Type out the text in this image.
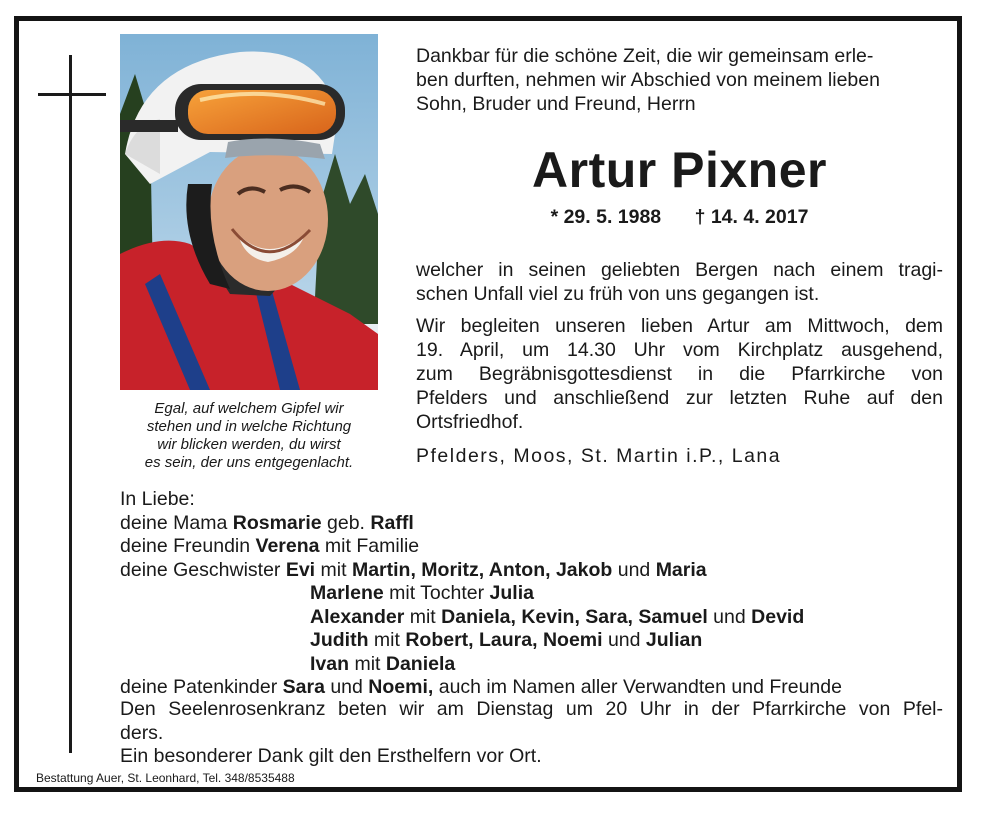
Egal, auf welchem Gipfel wir
stehen und in welche Richtung
wir blicken werden, du wirst
es sein, der uns entgegenlacht.
Dankbar für die schöne Zeit, die wir gemeinsam erle-
ben durften, nehmen wir Abschied von meinem lieben
Sohn, Bruder und Freund, Herrn
Artur Pixner
* 29. 5. 1988 † 14. 4. 2017
welcher in seinen geliebten Bergen nach einem tragi-
schen Unfall viel zu früh von uns gegangen ist.
Wir begleiten unseren lieben Artur am Mittwoch, dem
19. April, um 14.30 Uhr vom Kirchplatz ausgehend,
zum Begräbnisgottesdienst in die Pfarrkirche von
Pfelders und anschließend zur letzten Ruhe auf den
Ortsfriedhof.
Pfelders, Moos, St. Martin i.P., Lana
In Liebe:
deine Mama Rosmarie geb. Raffl
deine Freundin Verena mit Familie
deine Geschwister Evi mit Martin, Moritz, Anton, Jakob und Maria
Marlene mit Tochter Julia
Alexander mit Daniela, Kevin, Sara, Samuel und Devid
Judith mit Robert, Laura, Noemi und Julian
Ivan mit Daniela
deine Patenkinder Sara und Noemi, auch im Namen aller Verwandten und Freunde
Den Seelenrosenkranz beten wir am Dienstag um 20 Uhr in der Pfarrkirche von Pfel-
ders.
Ein besonderer Dank gilt den Ersthelfern vor Ort.
Bestattung Auer, St. Leonhard, Tel. 348/8535488
